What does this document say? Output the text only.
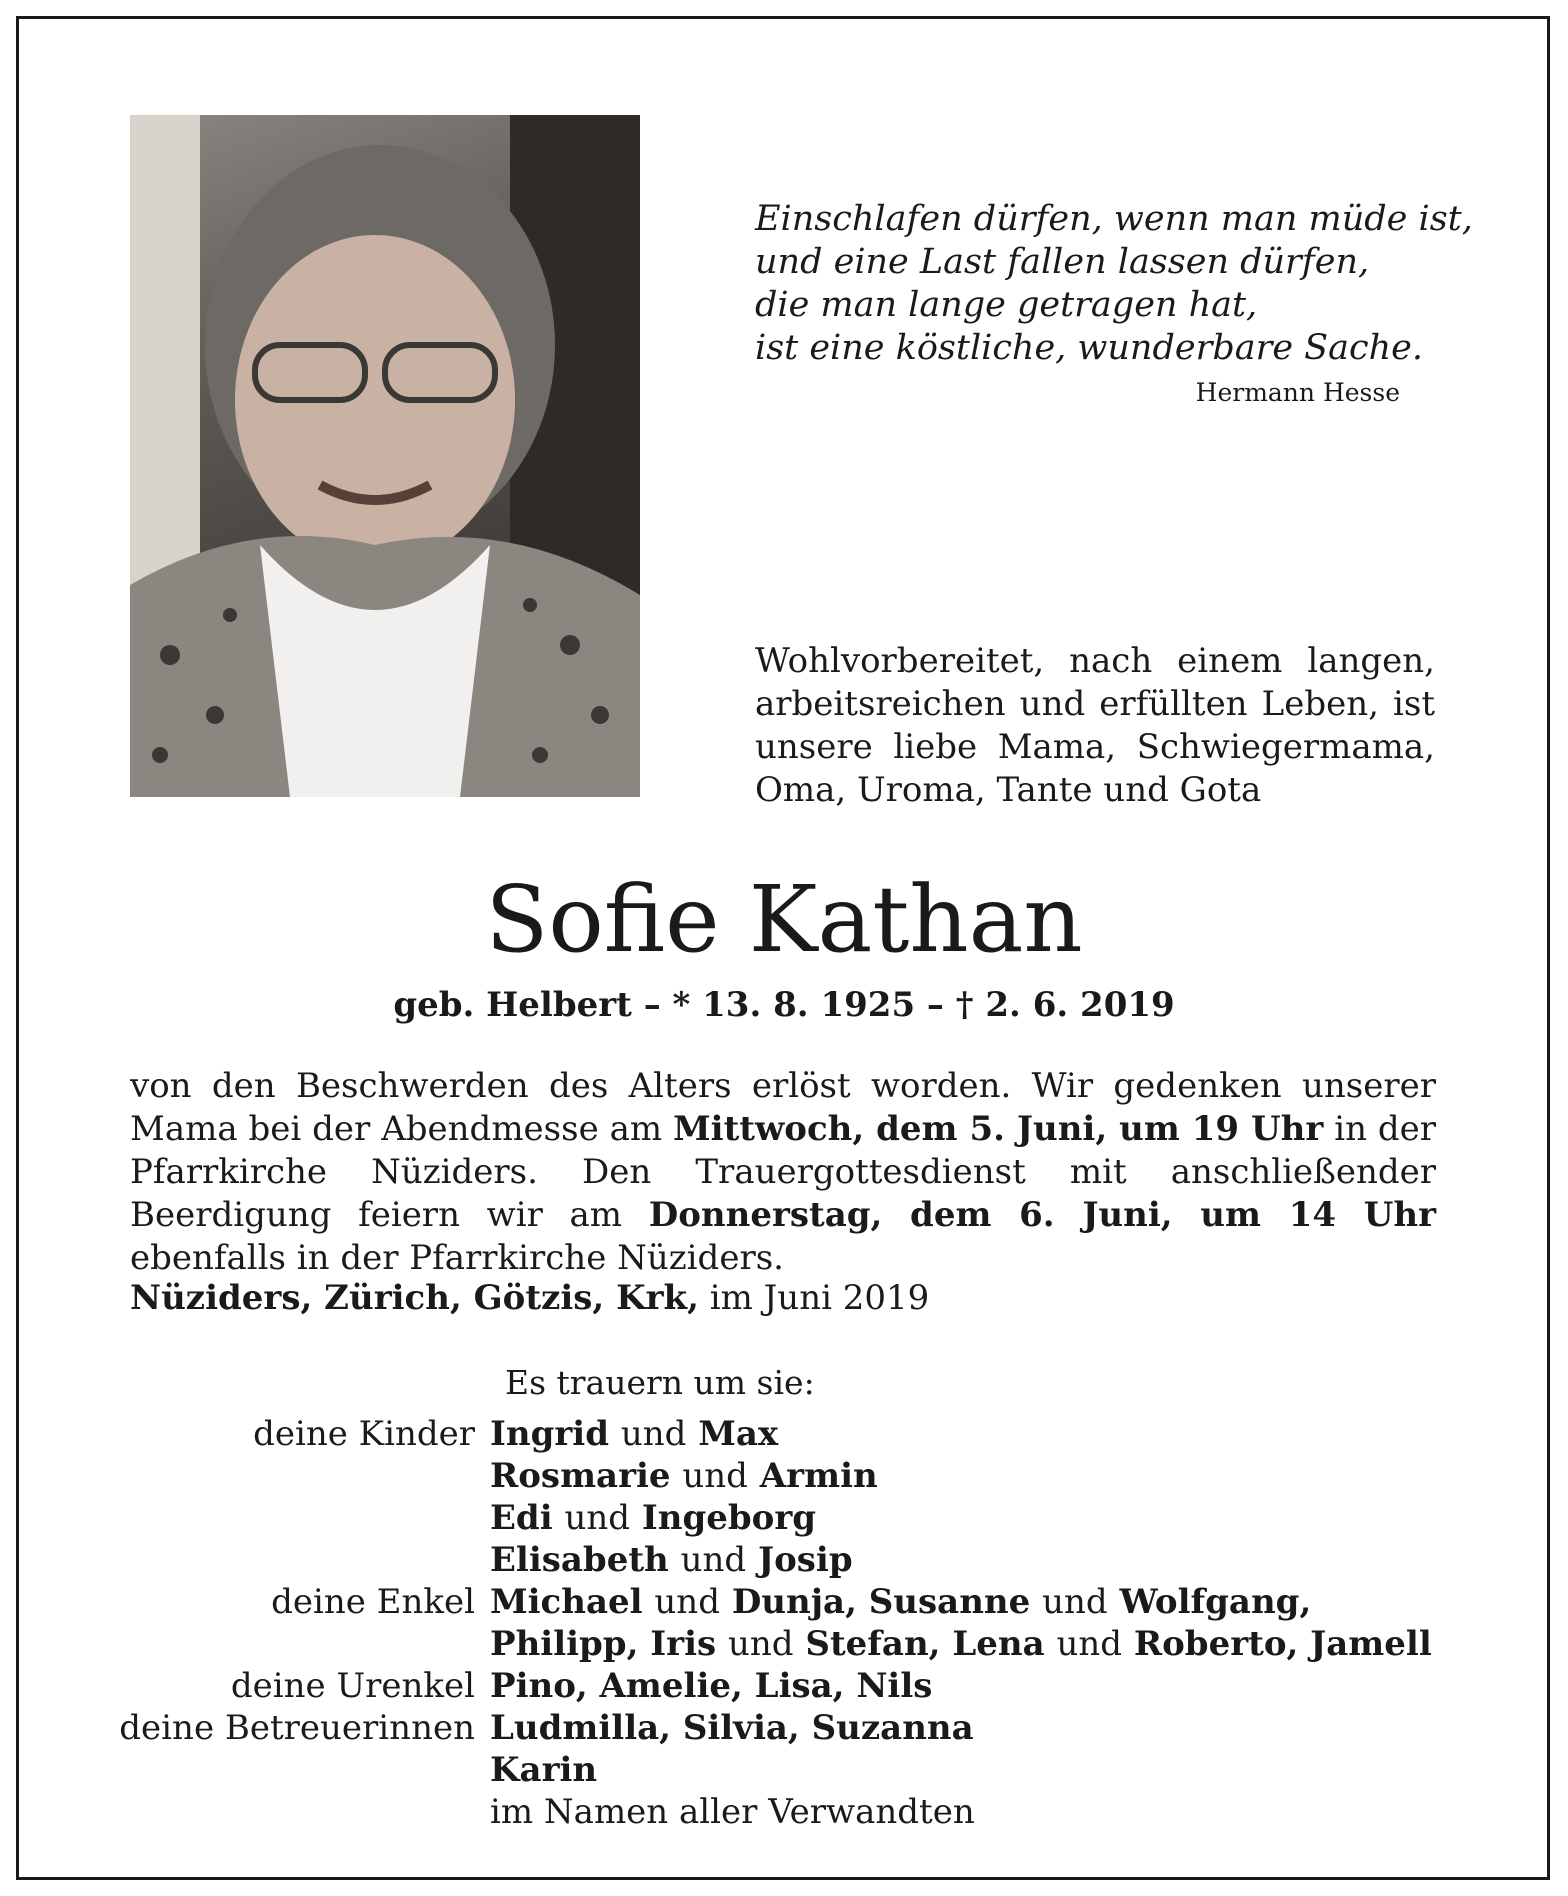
Einschlafen dürfen, wenn man müde ist,
und eine Last fallen lassen dürfen,
die man lange getragen hat,
ist eine köstliche, wunderbare Sache.
Hermann Hesse
Wohlvorbereitet, nach einem langen, arbeitsreichen und erfüllten Leben, ist unsere liebe Mama, Schwiegermama, Oma, Uroma, Tante und Gota
Sofie Kathan
geb. Helbert – * 13. 8. 1925 – † 2. 6. 2019
von den Beschwerden des Alters erlöst worden. Wir gedenken unserer Mama bei der Abendmesse am Mittwoch, dem 5. Juni, um 19 Uhr in der Pfarrkirche Nüziders. Den Trauergottesdienst mit anschließender Beerdigung feiern wir am Donnerstag, dem 6. Juni, um 14 Uhr ebenfalls in der Pfarrkirche Nüziders.
Nüziders, Zürich, Götzis, Krk, im Juni 2019
Es trauern um sie:
deine Kinder Ingrid und Max
Rosmarie und Armin
Edi und Ingeborg
Elisabeth und Josip
deine Enkel Michael und Dunja, Susanne und Wolfgang,
Philipp, Iris und Stefan, Lena und Roberto, Jamell
deine Urenkel Pino, Amelie, Lisa, Nils
deine Betreuerinnen Ludmilla, Silvia, Suzanna
Karin
im Namen aller Verwandten
